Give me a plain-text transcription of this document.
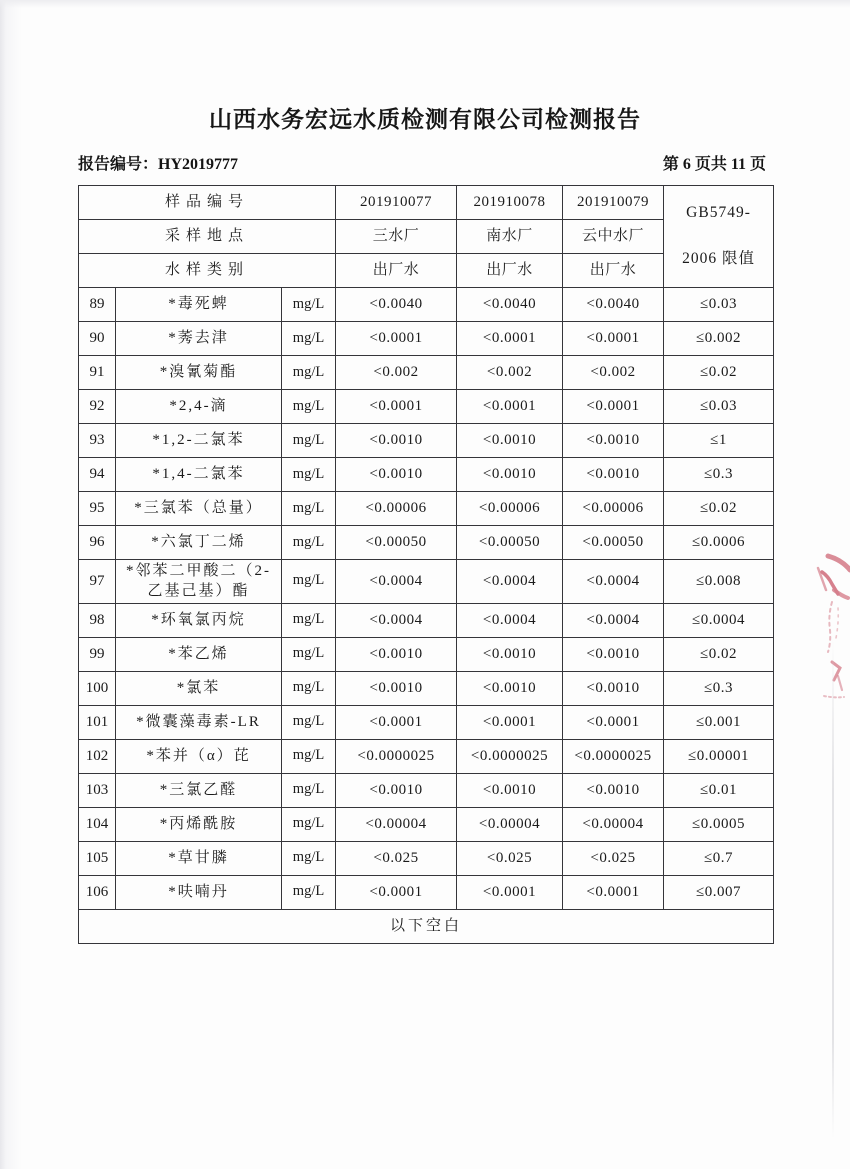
山西水务宏远水质检测有限公司检测报告
报告编号：HY2019777	第 6 页共 11 页
样品编号			201910077	201910078	201910079	GB5749-
2006 限值

采样地点			三水厂	南水厂	云中水厂	
水样类别			出厂水	出厂水	出厂水	
89	*毒死蜱	mg/L	<0.0040	<0.0040	<0.0040	≤0.03
90	*莠去津	mg/L	<0.0001	<0.0001	<0.0001	≤0.002
91	*溴氰菊酯	mg/L	<0.002	<0.002	<0.002	≤0.02
92	*2,4-滴	mg/L	<0.0001	<0.0001	<0.0001	≤0.03
93	*1,2-二氯苯	mg/L	<0.0010	<0.0010	<0.0010	≤1
94	*1,4-二氯苯	mg/L	<0.0010	<0.0010	<0.0010	≤0.3
95	*三氯苯（总量）	mg/L	<0.00006	<0.00006	<0.00006	≤0.02
96	*六氯丁二烯	mg/L	<0.00050	<0.00050	<0.00050	≤0.0006
97	*邻苯二甲酸二（2-乙基己基）酯	mg/L	<0.0004	<0.0004	<0.0004	≤0.008
98	*环氧氯丙烷	mg/L	<0.0004	<0.0004	<0.0004	≤0.0004
99	*苯乙烯	mg/L	<0.0010	<0.0010	<0.0010	≤0.02
100	*氯苯	mg/L	<0.0010	<0.0010	<0.0010	≤0.3
101	*微囊藻毒素-LR	mg/L	<0.0001	<0.0001	<0.0001	≤0.001
102	*苯并（α）芘	mg/L	<0.0000025	<0.0000025	<0.0000025	≤0.00001
103	*三氯乙醛	mg/L	<0.0010	<0.0010	<0.0010	≤0.01
104	*丙烯酰胺	mg/L	<0.00004	<0.00004	<0.00004	≤0.0005
105	*草甘膦	mg/L	<0.025	<0.025	<0.025	≤0.7
106	*呋喃丹	mg/L	<0.0001	<0.0001	<0.0001	≤0.007
以下空白						
